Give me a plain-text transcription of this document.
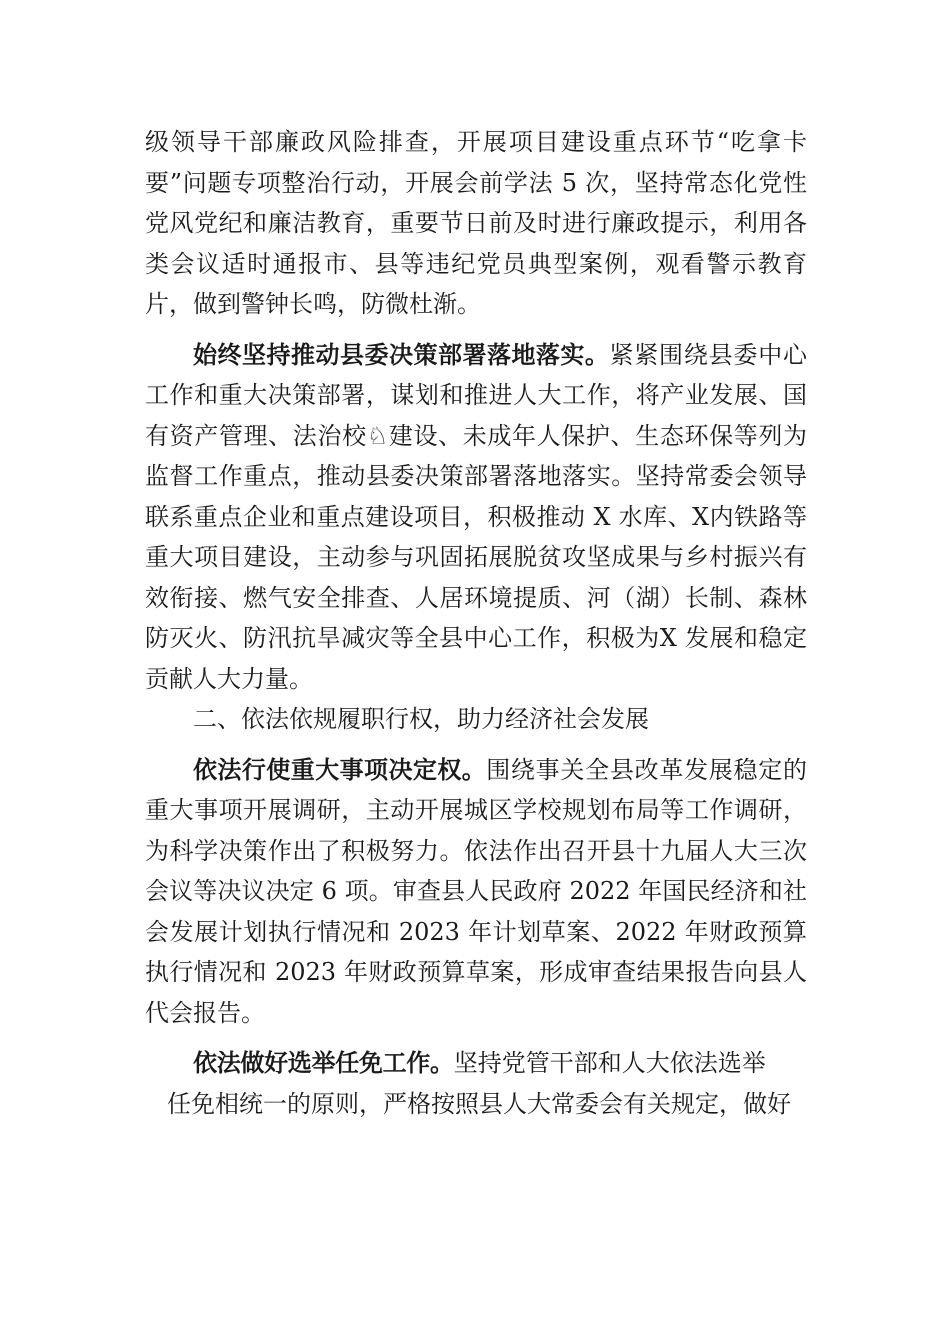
级领导干部廉政风险排查，开展项目建设重点环节“吃拿卡要”问题专项整治行动，开展会前学法 5 次，坚持常态化党性党风党纪和廉洁教育，重要节日前及时进行廉政提示，利用各类会议适时通报市、县等违纪党员典型案例，观看警示教育片，做到警钟长鸣，防微杜渐。

始终坚持推动县委决策部署落地落实。紧紧围绕县委中心工作和重大决策部署，谋划和推进人大工作，将产业发展、国有资产管理、法治校♘建设、未成年人保护、生态环保等列为监督工作重点，推动县委决策部署落地落实。坚持常委会领导联系重点企业和重点建设项目，积极推动 X 水库、X内铁路等重大项目建设，主动参与巩固拓展脱贫攻坚成果与乡村振兴有效衔接、燃气安全排查、人居环境提质、河（湖）长制、森林防灭火、防汛抗旱减灾等全县中心工作，积极为X 发展和稳定贡献人大力量。

二、依法依规履职行权，助力经济社会发展

依法行使重大事项决定权。围绕事关全县改革发展稳定的重大事项开展调研，主动开展城区学校规划布局等工作调研，为科学决策作出了积极努力。依法作出召开县十九届人大三次会议等决议决定 6 项。审查县人民政府 2022 年国民经济和社会发展计划执行情况和 2023 年计划草案、2022 年财政预算执行情况和 2023 年财政预算草案，形成审查结果报告向县人代会报告。

依法做好选举任免工作。坚持党管干部和人大依法选举
任免相统一的原则，严格按照县人大常委会有关规定，做好
